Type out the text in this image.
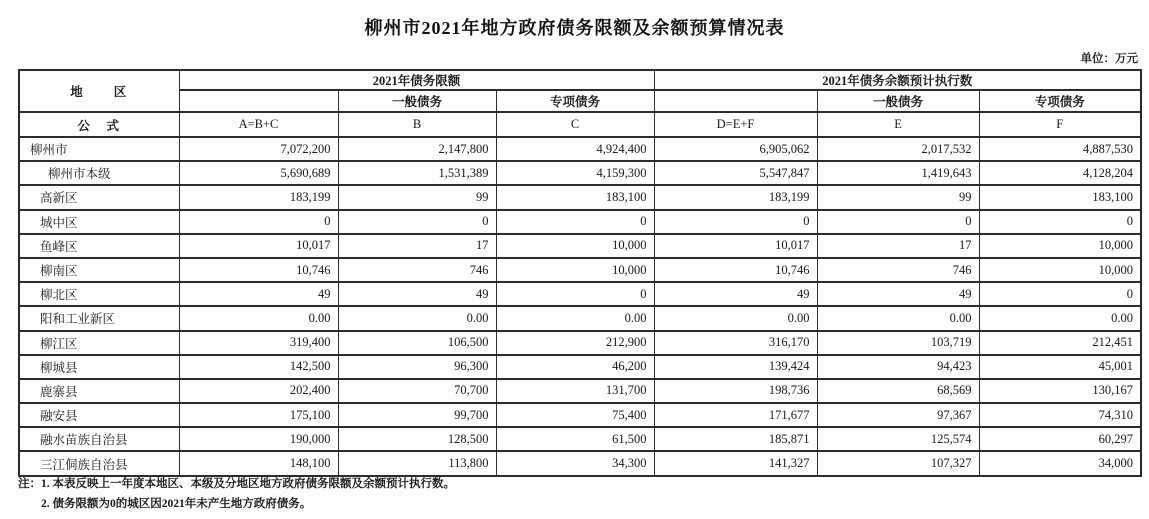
柳州市2021年地方政府债务限额及余额预算情况表
单位：万元
地　　区	2021年债务限额			2021年债务余额预计执行数		
		一般债务	专项债务		一般债务	专项债务
公　式	A=B+C	B	C	D=E+F	E	F
柳州市	7,072,200	2,147,800	4,924,400	6,905,062	2,017,532	4,887,530
柳州市本级	5,690,689	1,531,389	4,159,300	5,547,847	1,419,643	4,128,204
高新区	183,199	99	183,100	183,199	99	183,100
城中区	0	0	0	0	0	0
鱼峰区	10,017	17	10,000	10,017	17	10,000
柳南区	10,746	746	10,000	10,746	746	10,000
柳北区	49	49	0	49	49	0
阳和工业新区	0.00	0.00	0.00	0.00	0.00	0.00
柳江区	319,400	106,500	212,900	316,170	103,719	212,451
柳城县	142,500	96,300	46,200	139,424	94,423	45,001
鹿寨县	202,400	70,700	131,700	198,736	68,569	130,167
融安县	175,100	99,700	75,400	171,677	97,367	74,310
融水苗族自治县	190,000	128,500	61,500	185,871	125,574	60,297
三江侗族自治县	148,100	113,800	34,300	141,327	107,327	34,000
注：1. 本表反映上一年度本地区、本级及分地区地方政府债务限额及余额预计执行数。
2. 债务限额为0的城区因2021年未产生地方政府债务。
